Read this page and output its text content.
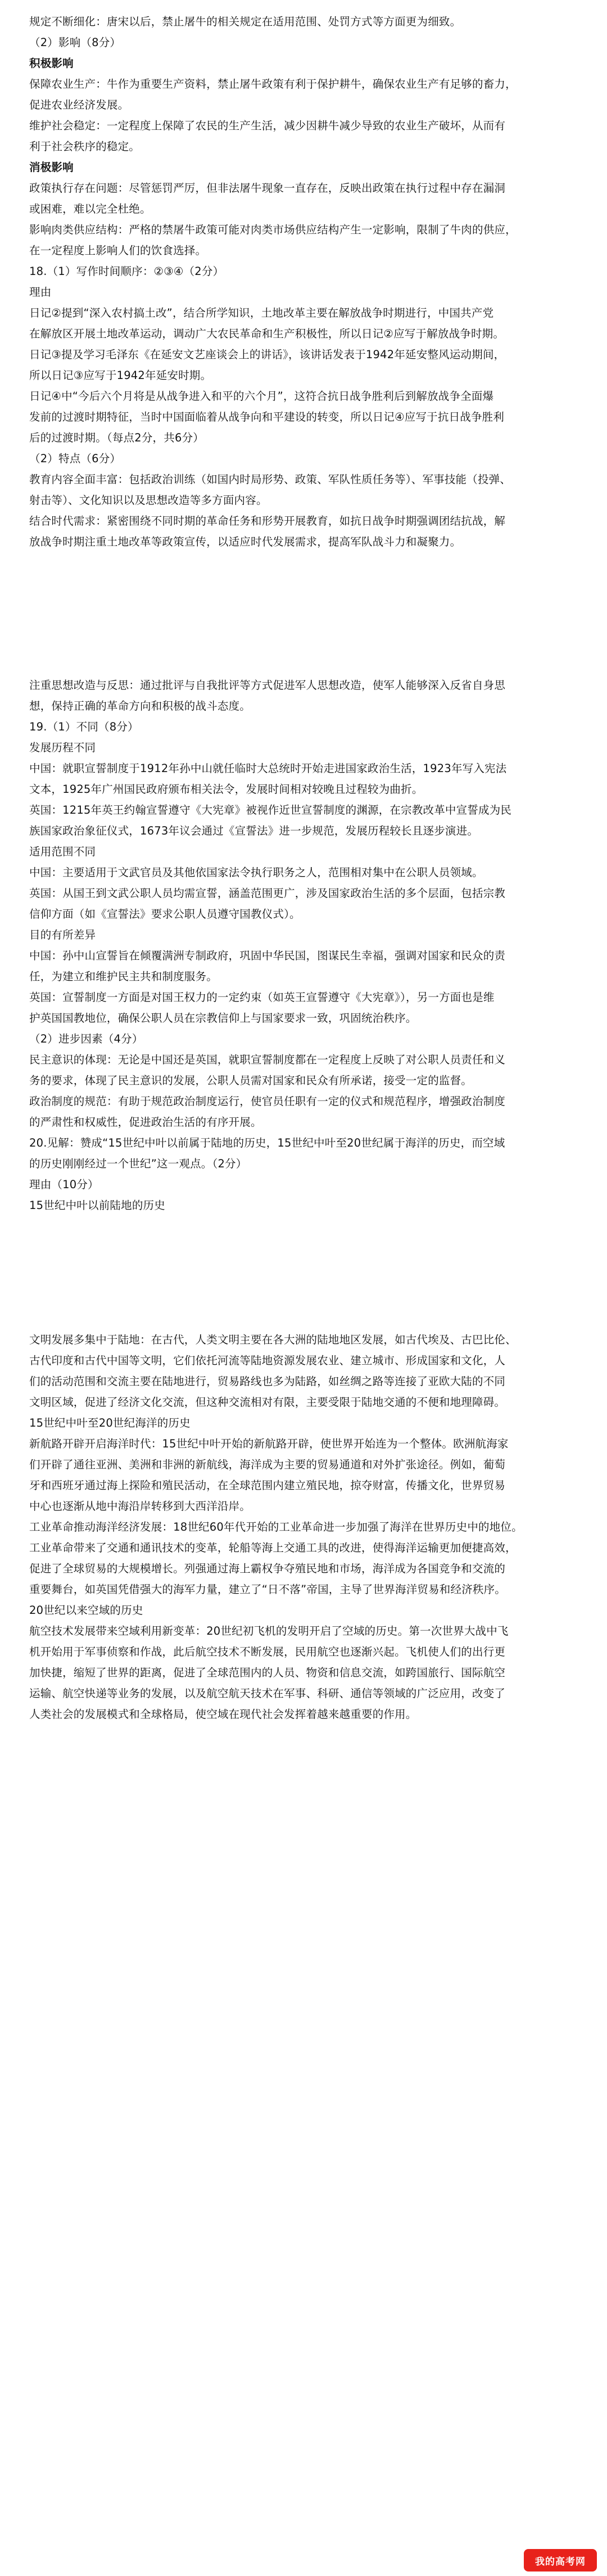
规定不断细化：唐宋以后，禁止屠牛的相关规定在适用范围、处罚方式等方面更为细致。

（2）影响（8分）

积极影响

保障农业生产：牛作为重要生产资料，禁止屠牛政策有利于保护耕牛，确保农业生产有足够的畜力，

促进农业经济发展。

维护社会稳定：一定程度上保障了农民的生产生活，减少因耕牛减少导致的农业生产破坏，从而有

利于社会秩序的稳定。

消极影响

政策执行存在问题：尽管惩罚严厉，但非法屠牛现象一直存在，反映出政策在执行过程中存在漏洞

或困难，难以完全杜绝。

影响肉类供应结构：严格的禁屠牛政策可能对肉类市场供应结构产生一定影响，限制了牛肉的供应，

在一定程度上影响人们的饮食选择。

18.（1）写作时间顺序：②③④（2分）

理由

日记②提到“深入农村搞土改”，结合所学知识，土地改革主要在解放战争时期进行，中国共产党

在解放区开展土地改革运动，调动广大农民革命和生产积极性，所以日记②应写于解放战争时期。

日记③提及学习毛泽东《在延安文艺座谈会上的讲话》，该讲话发表于1942年延安整风运动期间，

所以日记③应写于1942年延安时期。

日记④中“今后六个月将是从战争进入和平的六个月”，这符合抗日战争胜利后到解放战争全面爆

发前的过渡时期特征，当时中国面临着从战争向和平建设的转变，所以日记④应写于抗日战争胜利

后的过渡时期。（每点2分，共6分）

（2）特点（6分）

教育内容全面丰富：包括政治训练（如国内时局形势、政策、军队性质任务等）、军事技能（投弹、

射击等）、文化知识以及思想改造等多方面内容。

结合时代需求：紧密围绕不同时期的革命任务和形势开展教育，如抗日战争时期强调团结抗战，解

放战争时期注重土地改革等政策宣传，以适应时代发展需求，提高军队战斗力和凝聚力。

注重思想改造与反思：通过批评与自我批评等方式促进军人思想改造，使军人能够深入反省自身思

想，保持正确的革命方向和积极的战斗态度。

19.（1）不同（8分）

发展历程不同

中国：就职宣誓制度于1912年孙中山就任临时大总统时开始走进国家政治生活，1923年写入宪法

文本，1925年广州国民政府颁布相关法令，发展时间相对较晚且过程较为曲折。

英国：1215年英王约翰宣誓遵守《大宪章》被视作近世宣誓制度的渊源，在宗教改革中宣誓成为民

族国家政治象征仪式，1673年议会通过《宣誓法》进一步规范，发展历程较长且逐步演进。

适用范围不同

中国：主要适用于文武官员及其他依国家法令执行职务之人，范围相对集中在公职人员领域。

英国：从国王到文武公职人员均需宣誓，涵盖范围更广，涉及国家政治生活的多个层面，包括宗教

信仰方面（如《宣誓法》要求公职人员遵守国教仪式）。

目的有所差异

中国：孙中山宣誓旨在倾覆满洲专制政府，巩固中华民国，图谋民生幸福，强调对国家和民众的责

任，为建立和维护民主共和制度服务。

英国：宣誓制度一方面是对国王权力的一定约束（如英王宣誓遵守《大宪章》），另一方面也是维

护英国国教地位，确保公职人员在宗教信仰上与国家要求一致，巩固统治秩序。

（2）进步因素（4分）

民主意识的体现：无论是中国还是英国，就职宣誓制度都在一定程度上反映了对公职人员责任和义

务的要求，体现了民主意识的发展，公职人员需对国家和民众有所承诺，接受一定的监督。

政治制度的规范：有助于规范政治制度运行，使官员任职有一定的仪式和规范程序，增强政治制度

的严肃性和权威性，促进政治生活的有序开展。

20.见解：赞成“15世纪中叶以前属于陆地的历史，15世纪中叶至20世纪属于海洋的历史，而空域

的历史刚刚经过一个世纪”这一观点。（2分）

理由（10分）

15世纪中叶以前陆地的历史

文明发展多集中于陆地：在古代，人类文明主要在各大洲的陆地地区发展，如古代埃及、古巴比伦、

古代印度和古代中国等文明，它们依托河流等陆地资源发展农业、建立城市、形成国家和文化，人

们的活动范围和交流主要在陆地进行，贸易路线也多为陆路，如丝绸之路等连接了亚欧大陆的不同

文明区域，促进了经济文化交流，但这种交流相对有限，主要受限于陆地交通的不便和地理障碍。

15世纪中叶至20世纪海洋的历史

新航路开辟开启海洋时代：15世纪中叶开始的新航路开辟，使世界开始连为一个整体。欧洲航海家

们开辟了通往亚洲、美洲和非洲的新航线，海洋成为主要的贸易通道和对外扩张途径。例如，葡萄

牙和西班牙通过海上探险和殖民活动，在全球范围内建立殖民地，掠夺财富，传播文化，世界贸易

中心也逐渐从地中海沿岸转移到大西洋沿岸。

工业革命推动海洋经济发展：18世纪60年代开始的工业革命进一步加强了海洋在世界历史中的地位。

工业革命带来了交通和通讯技术的变革，轮船等海上交通工具的改进，使得海洋运输更加便捷高效，

促进了全球贸易的大规模增长。列强通过海上霸权争夺殖民地和市场，海洋成为各国竞争和交流的

重要舞台，如英国凭借强大的海军力量，建立了“日不落”帝国，主导了世界海洋贸易和经济秩序。

20世纪以来空域的历史

航空技术发展带来空域利用新变革：20世纪初飞机的发明开启了空域的历史。第一次世界大战中飞

机开始用于军事侦察和作战，此后航空技术不断发展，民用航空也逐渐兴起。飞机使人们的出行更

加快捷，缩短了世界的距离，促进了全球范围内的人员、物资和信息交流，如跨国旅行、国际航空

运输、航空快递等业务的发展，以及航空航天技术在军事、科研、通信等领域的广泛应用，改变了

人类社会的发展模式和全球格局，使空域在现代社会发挥着越来越重要的作用。

我的高考网
